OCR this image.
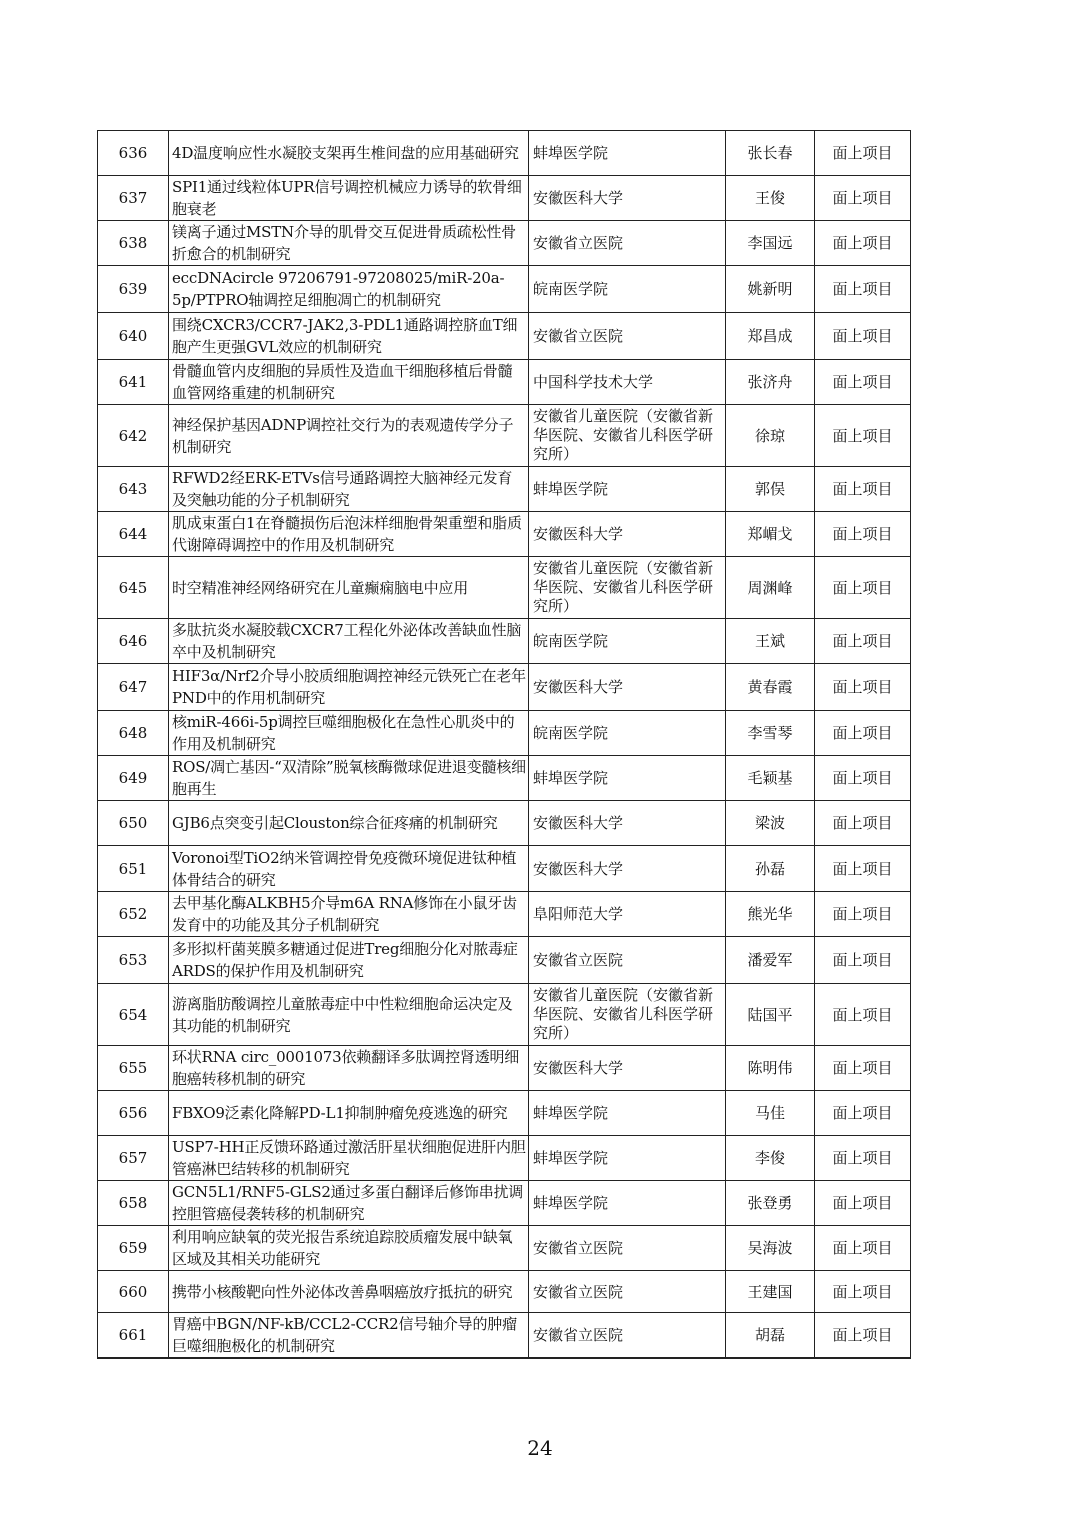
636	4D温度响应性水凝胶支架再生椎间盘的应用基础研究	蚌埠医学院	张长春	面上项目
637	SPI1通过线粒体UPR信号调控机械应力诱导的软骨细胞衰老	安徽医科大学	王俊	面上项目
638	镁离子通过MSTN介导的肌骨交互促进骨质疏松性骨折愈合的机制研究	安徽省立医院	李国远	面上项目
639	eccDNAcircle 97206791-97208025/miR-20a-5p/PTPRO轴调控足细胞凋亡的机制研究	皖南医学院	姚新明	面上项目
640	围绕CXCR3/CCR7-JAK2,3-PDL1通路调控脐血T细胞产生更强GVL效应的机制研究	安徽省立医院	郑昌成	面上项目
641	骨髓血管内皮细胞的异质性及造血干细胞移植后骨髓血管网络重建的机制研究	中国科学技术大学	张济舟	面上项目
642	神经保护基因ADNP调控社交行为的表观遗传学分子机制研究	安徽省儿童医院（安徽省新华医院、安徽省儿科医学研究所）	徐琼	面上项目
643	RFWD2经ERK-ETVs信号通路调控大脑神经元发育及突触功能的分子机制研究	蚌埠医学院	郭俣	面上项目
644	肌成束蛋白1在脊髓损伤后泡沫样细胞骨架重塑和脂质代谢障碍调控中的作用及机制研究	安徽医科大学	郑嵋戈	面上项目
645	时空精准神经网络研究在儿童癫痫脑电中应用	安徽省儿童医院（安徽省新华医院、安徽省儿科医学研究所）	周渊峰	面上项目
646	多肽抗炎水凝胶载CXCR7工程化外泌体改善缺血性脑卒中及机制研究	皖南医学院	王斌	面上项目
647	HIF3α/Nrf2介导小胶质细胞调控神经元铁死亡在老年PND中的作用机制研究	安徽医科大学	黄春霞	面上项目
648	核miR-466i-5p调控巨噬细胞极化在急性心肌炎中的作用及机制研究	皖南医学院	李雪琴	面上项目
649	ROS/凋亡基因-“双清除”脱氧核酶微球促进退变髓核细胞再生	蚌埠医学院	毛颖基	面上项目
650	GJB6点突变引起Clouston综合征疼痛的机制研究	安徽医科大学	梁波	面上项目
651	Voronoi型TiO2纳米管调控骨免疫微环境促进钛种植体骨结合的研究	安徽医科大学	孙磊	面上项目
652	去甲基化酶ALKBH5介导m6A RNA修饰在小鼠牙齿发育中的功能及其分子机制研究	阜阳师范大学	熊光华	面上项目
653	多形拟杆菌荚膜多糖通过促进Treg细胞分化对脓毒症ARDS的保护作用及机制研究	安徽省立医院	潘爱军	面上项目
654	游离脂肪酸调控儿童脓毒症中中性粒细胞命运决定及其功能的机制研究	安徽省儿童医院（安徽省新华医院、安徽省儿科医学研究所）	陆国平	面上项目
655	环状RNA circ_0001073依赖翻译多肽调控肾透明细胞癌转移机制的研究	安徽医科大学	陈明伟	面上项目
656	FBXO9泛素化降解PD-L1抑制肿瘤免疫逃逸的研究	蚌埠医学院	马佳	面上项目
657	USP7-HH正反馈环路通过激活肝星状细胞促进肝内胆管癌淋巴结转移的机制研究	蚌埠医学院	李俊	面上项目
658	GCN5L1/RNF5-GLS2通过多蛋白翻译后修饰串扰调控胆管癌侵袭转移的机制研究	蚌埠医学院	张登勇	面上项目
659	利用响应缺氧的荧光报告系统追踪胶质瘤发展中缺氧区域及其相关功能研究	安徽省立医院	吴海波	面上项目
660	携带小核酸靶向性外泌体改善鼻咽癌放疗抵抗的研究	安徽省立医院	王建国	面上项目
661	胃癌中BGN/NF-kB/CCL2-CCR2信号轴介导的肿瘤巨噬细胞极化的机制研究	安徽省立医院	胡磊	面上项目
24
